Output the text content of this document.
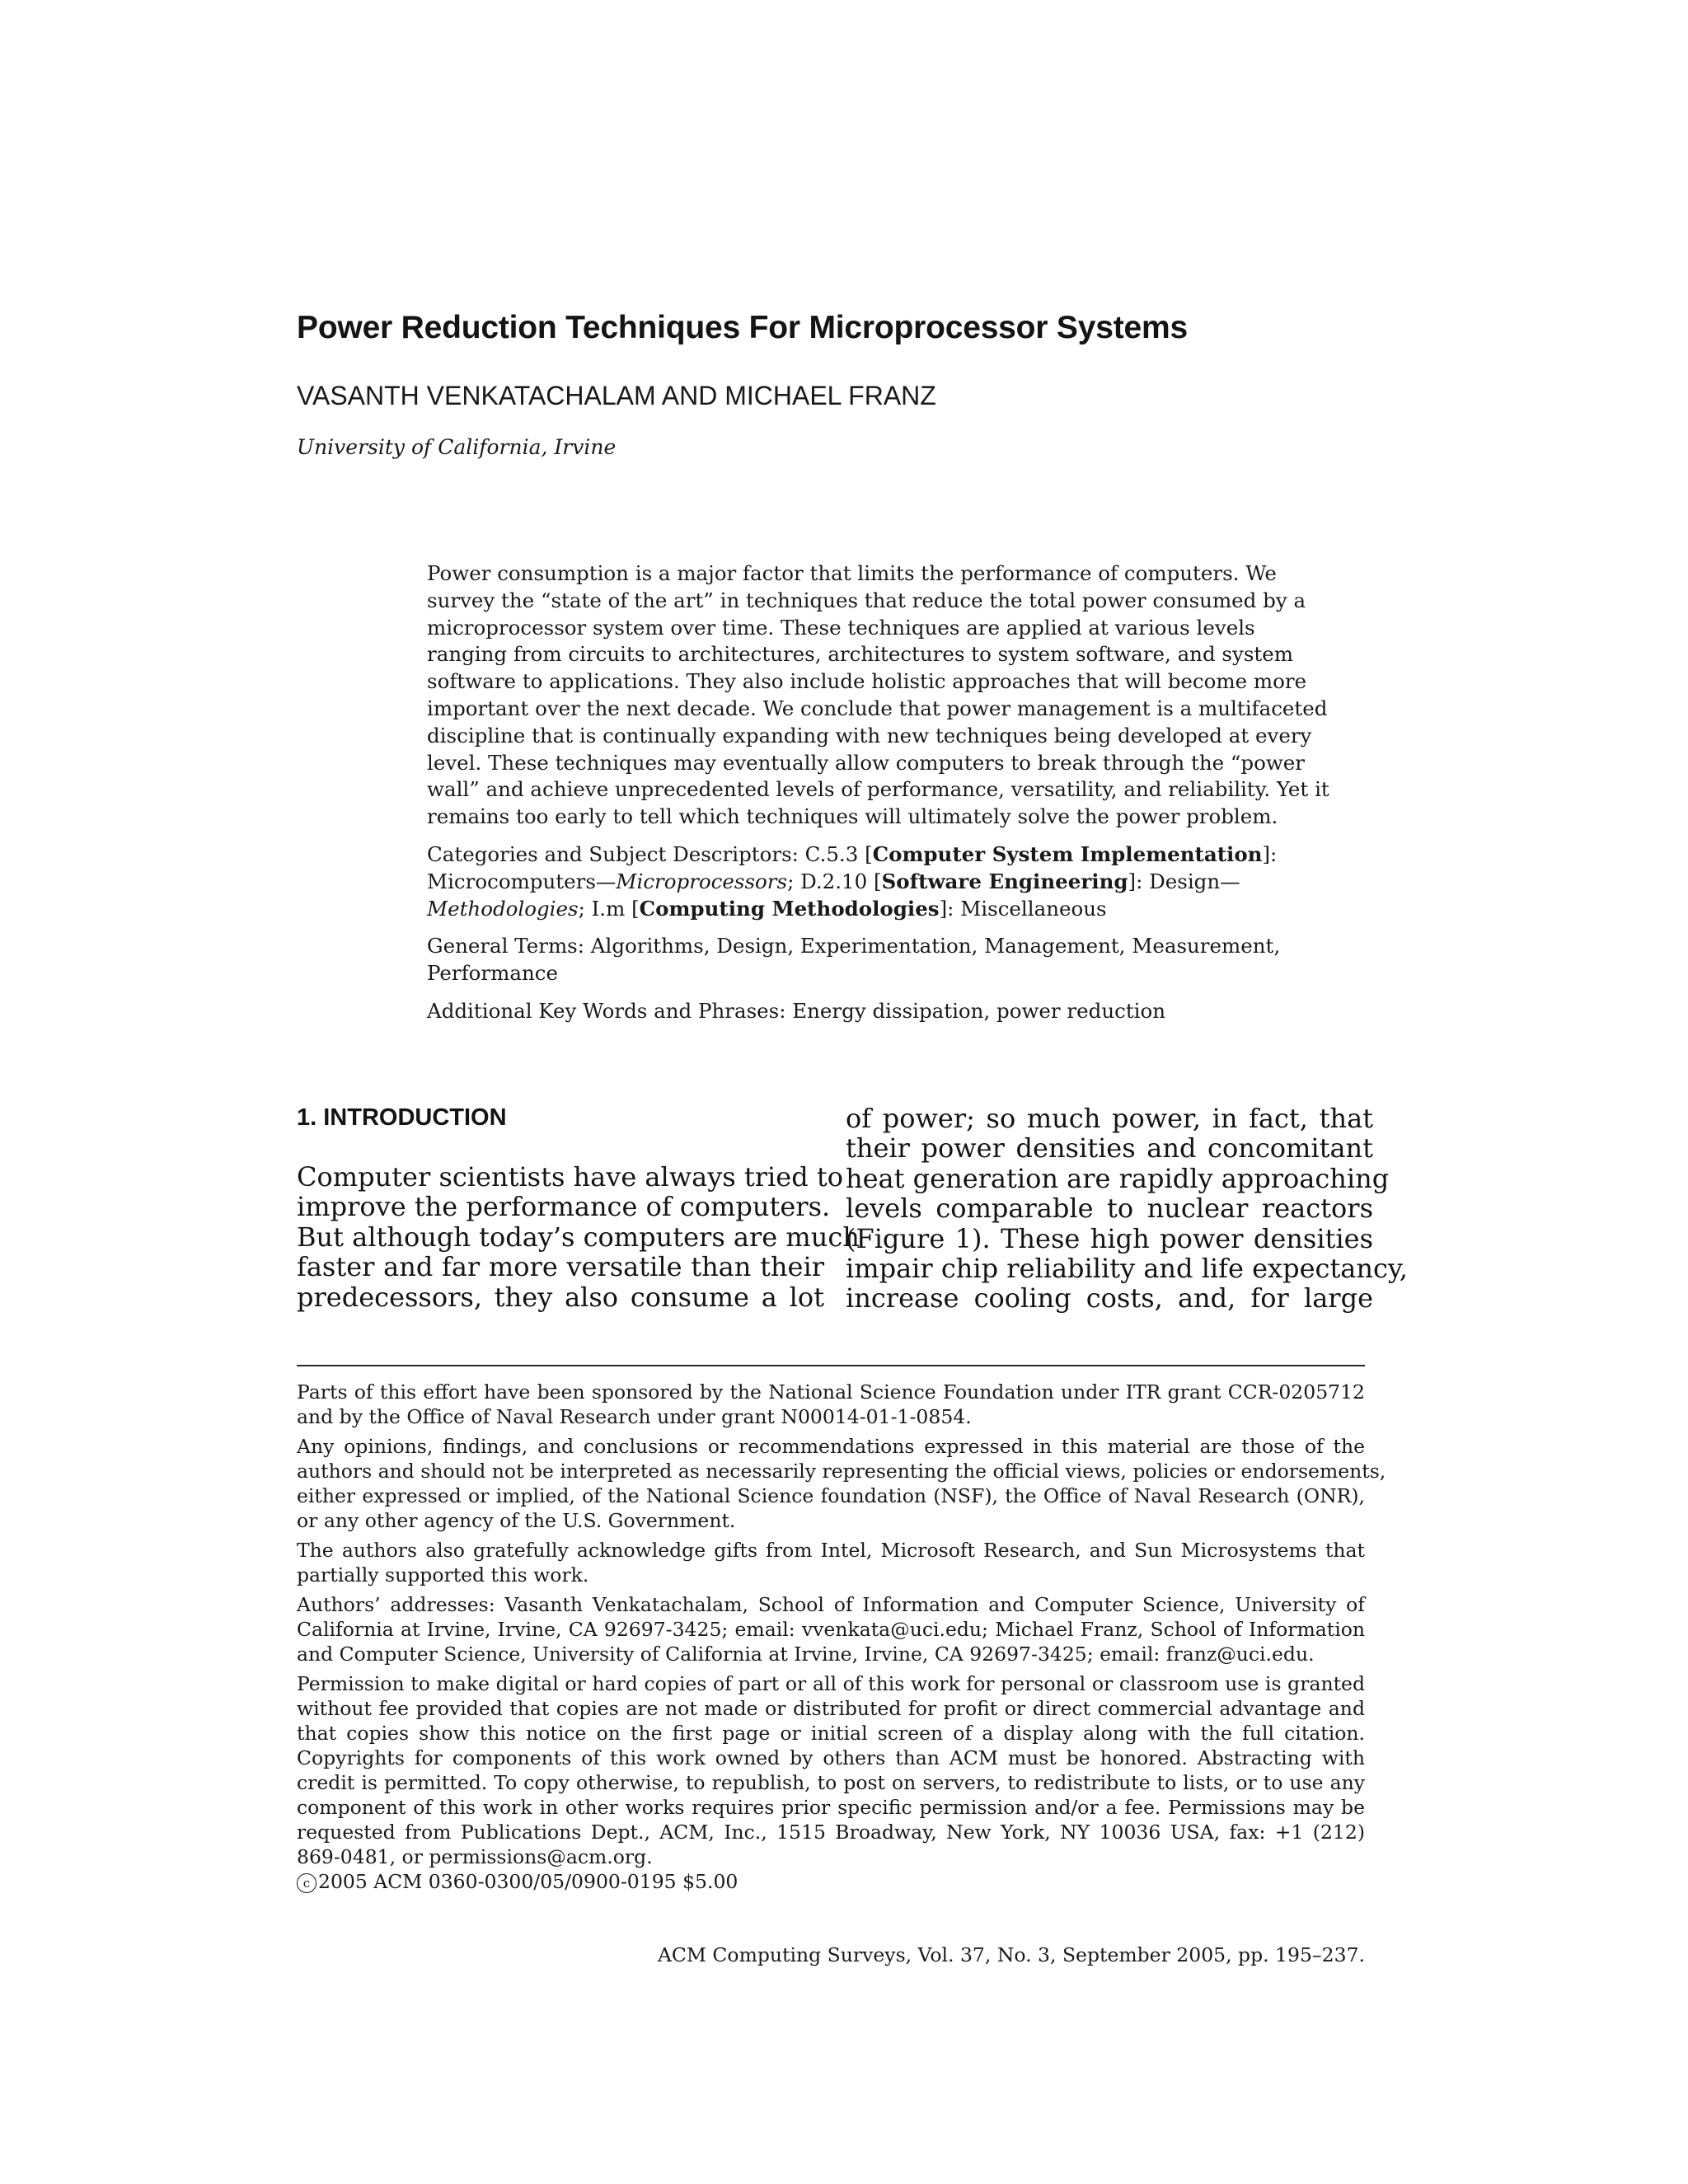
Power Reduction Techniques For Microprocessor Systems
VASANTH VENKATACHALAM AND MICHAEL FRANZ
University of California, Irvine
Power consumption is a major factor that limits the performance of computers. We
survey the “state of the art” in techniques that reduce the total power consumed by a
microprocessor system over time. These techniques are applied at various levels
ranging from circuits to architectures, architectures to system software, and system
software to applications. They also include holistic approaches that will become more
important over the next decade. We conclude that power management is a multifaceted
discipline that is continually expanding with new techniques being developed at every
level. These techniques may eventually allow computers to break through the “power
wall” and achieve unprecedented levels of performance, versatility, and reliability. Yet it
remains too early to tell which techniques will ultimately solve the power problem.
Categories and Subject Descriptors: C.5.3 [Computer System Implementation]:
Microcomputers—Microprocessors; D.2.10 [Software Engineering]: Design—
Methodologies; I.m [Computing Methodologies]: Miscellaneous
General Terms: Algorithms, Design, Experimentation, Management, Measurement,
Performance
Additional Key Words and Phrases: Energy dissipation, power reduction
1. INTRODUCTION
Computer scientists have always tried to
improve the performance of computers.
But although today’s computers are much
faster and far more versatile than their
predecessors, they also consume a lot
of power; so much power, in fact, that
their power densities and concomitant
heat generation are rapidly approaching
levels comparable to nuclear reactors
(Figure 1). These high power densities
impair chip reliability and life expectancy,
increase cooling costs, and, for large
Parts of this effort have been sponsored by the National Science Foundation under ITR grant CCR-0205712
and by the Office of Naval Research under grant N00014-01-1-0854.
Any opinions, findings, and conclusions or recommendations expressed in this material are those of the
authors and should not be interpreted as necessarily representing the official views, policies or endorsements,
either expressed or implied, of the National Science foundation (NSF), the Office of Naval Research (ONR),
or any other agency of the U.S. Government.
The authors also gratefully acknowledge gifts from Intel, Microsoft Research, and Sun Microsystems that
partially supported this work.
Authors’ addresses: Vasanth Venkatachalam, School of Information and Computer Science, University of
California at Irvine, Irvine, CA 92697-3425; email: vvenkata@uci.edu; Michael Franz, School of Information
and Computer Science, University of California at Irvine, Irvine, CA 92697-3425; email: franz@uci.edu.
Permission to make digital or hard copies of part or all of this work for personal or classroom use is granted
without fee provided that copies are not made or distributed for profit or direct commercial advantage and
that copies show this notice on the first page or initial screen of a display along with the full citation.
Copyrights for components of this work owned by others than ACM must be honored. Abstracting with
credit is permitted. To copy otherwise, to republish, to post on servers, to redistribute to lists, or to use any
component of this work in other works requires prior specific permission and/or a fee. Permissions may be
requested from Publications Dept., ACM, Inc., 1515 Broadway, New York, NY 10036 USA, fax: +1 (212)
869-0481, or permissions@acm.org.
c 2005 ACM 0360-0300/05/0900-0195 $5.00
ACM Computing Surveys, Vol. 37, No. 3, September 2005, pp. 195–237.
